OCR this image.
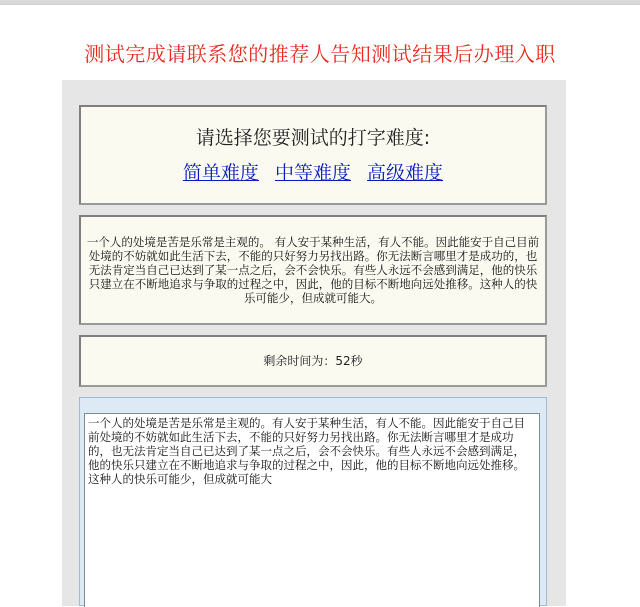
测试完成请联系您的推荐人告知测试结果后办理入职
请选择您要测试的打字难度:
简单难度 中等难度 高级难度
一个人的处境是苦是乐常是主观的。 有人安于某种生活，有人不能。因此能安于自己目前处境的不妨就如此生活下去，不能的只好努力另找出路。你无法断言哪里才是成功的，也无法肯定当自己已达到了某一点之后，会不会快乐。有些人永远不会感到满足，他的快乐只建立在不断地追求与争取的过程之中，因此，他的目标不断地向远处推移。这种人的快乐可能少，但成就可能大。
剩余时间为：52秒
一个人的处境是苦是乐常是主观的。有人安于某种生活，有人不能。因此能安于自己目前处境的不妨就如此生活下去，不能的只好努力另找出路。你无法断言哪里才是成功的，也无法肯定当自己已达到了某一点之后，会不会快乐。有些人永远不会感到满足，他的快乐只建立在不断地追求与争取的过程之中，因此，他的目标不断地向远处推移。这种人的快乐可能少，但成就可能大
